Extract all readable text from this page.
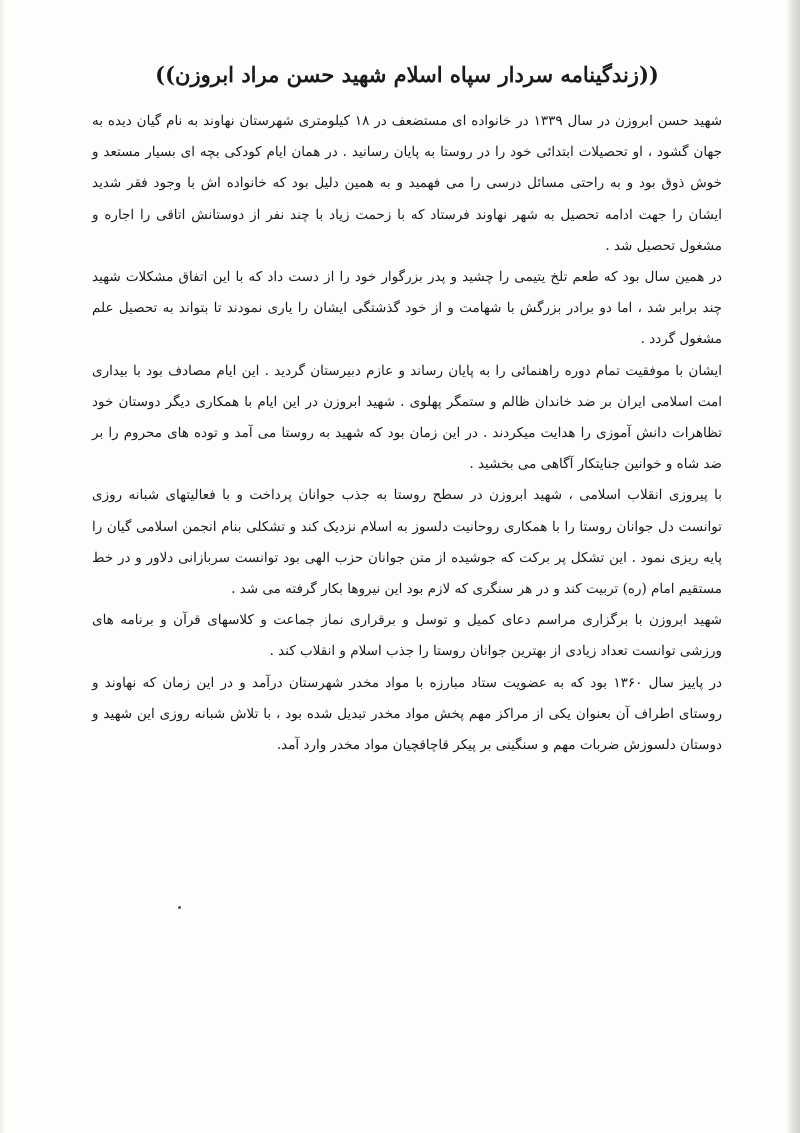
((زندگینامه سردار سپاه اسلام شهید حسن مراد ابروزن))

شهید حسن ابروزن در سال ۱۳۳۹ در خانواده ای مستضعف در ۱۸ کیلومتری شهرستان نهاوند به نام گیان دیده به جهان گشود ، او تحصیلات ابتدائی خود را در روستا به پایان رسانید . در همان ایام کودکی بچه ای بسیار مستعد و خوش ذوق بود و به راحتی مسائل درسی را می فهمید و به همین دلیل بود که خانواده اش با وجود فقر شدید ایشان را جهت ادامه تحصیل به شهر نهاوند فرستاد که با زحمت زیاد با چند نفر از دوستانش اتاقی را اجاره و مشغول تحصیل شد .

در همین سال بود که طعم تلخ یتیمی را چشید و پدر بزرگوار خود را از دست داد که با این اتفاق مشکلات شهید چند برابر شد ، اما دو برادر بزرگش با شهامت و از خود گذشتگی ایشان را یاری نمودند تا بتواند به تحصیل علم مشغول گردد .

ایشان با موفقیت تمام دوره راهنمائی را به پایان رساند و عازم دبیرستان گردید . این ایام مصادف بود با بیداری امت اسلامی ایران بر ضد خاندان ظالم و ستمگر پهلوی . شهید ابروزن در این ایام با همکاری دیگر دوستان خود تظاهرات دانش آموزی را هدایت میکردند . در این زمان بود که شهید به روستا می آمد و توده های محروم را بر ضد شاه و خوانین جنایتکار آگاهی می بخشید .

با پیروزی انقلاب اسلامی ، شهید ابروزن در سطح روستا به جذب جوانان پرداخت و با فعالیتهای شبانه روزی توانست دل جوانان روستا را با همکاری روحانیت دلسوز به اسلام نزدیک کند و تشکلی بنام انجمن اسلامی گیان را پایه ریزی نمود . این تشکل پر برکت که جوشیده از متن جوانان حزب الهی بود توانست سربازانی دلاور و در خط مستقیم امام (ره) تربیت کند و در هر سنگری که لازم بود این نیروها بکار گرفته می شد .

شهید ابروزن با برگزاری مراسم دعای کمیل و توسل و برقراری نماز جماعت و کلاسهای قرآن و برنامه های ورزشی توانست تعداد زیادی از بهترین جوانان روستا را جذب اسلام و انقلاب کند .

در پاییز سال ۱۳۶۰ بود که به عضویت ستاد مبارزه با مواد مخدر شهرستان درآمد و در این زمان که نهاوند و روستای اطراف آن بعنوان یکی از مراکز مهم پخش مواد مخدر تبدیل شده بود ، با تلاش شبانه روزی این شهید و دوستان دلسوزش ضربات مهم و سنگینی بر پیکر قاچاقچیان مواد مخدر وارد آمد.
